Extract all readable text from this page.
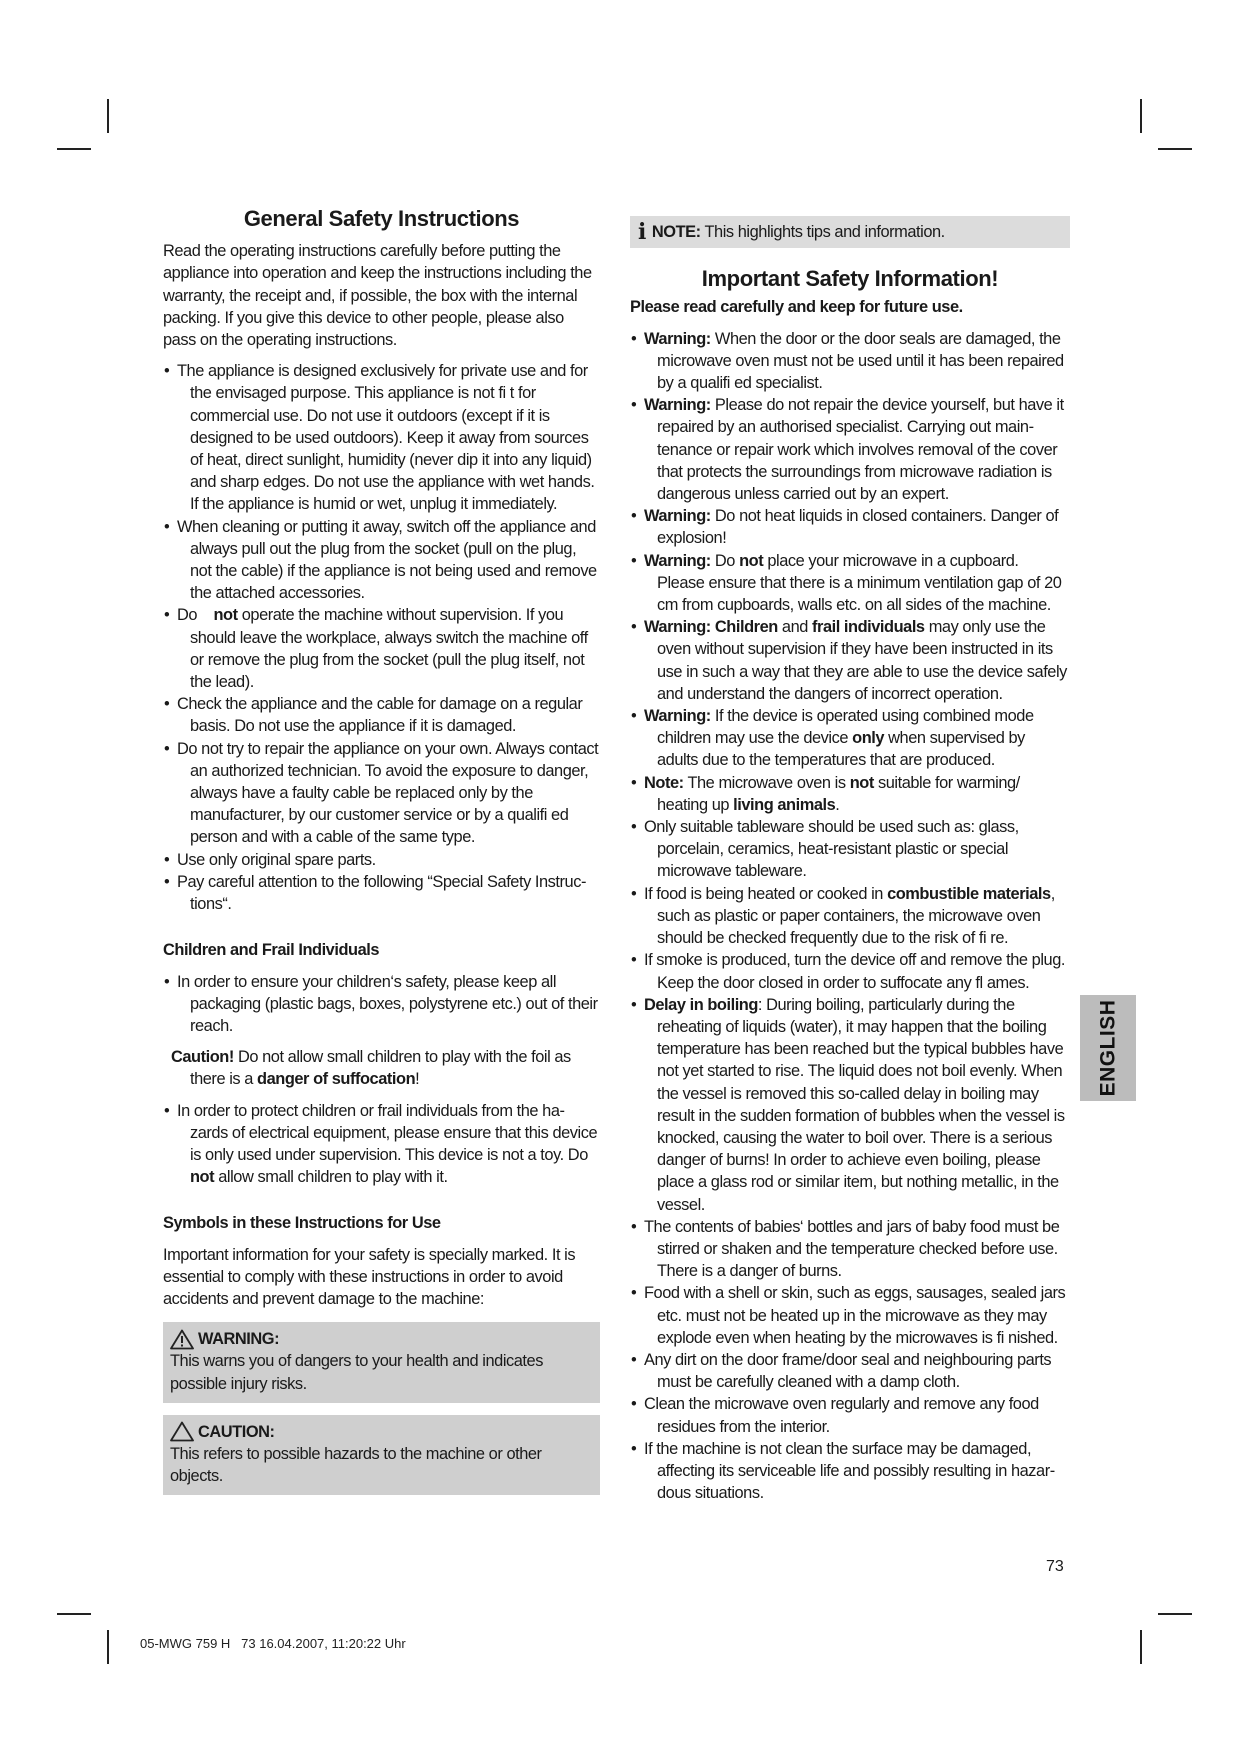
General Safety Instructions

Read the operating instructions carefully before putting the appliance into operation and keep the instructions including the warranty, the receipt and, if possible, the box with the internal packing. If you give this device to other people, please also pass on the operating instructions.

• The appliance is designed exclusively for private use and for the envisaged purpose. This appliance is not fi t for commercial use. Do not use it outdoors (except if it is designed to be used outdoors). Keep it away from sources of heat, direct sunlight, humidity (never dip it into any liquid) and sharp edges. Do not use the appliance with wet hands. If the appliance is humid or wet, unplug it immediately.
• When cleaning or putting it away, switch off the appliance and always pull out the plug from the socket (pull on the plug, not the cable) if the appliance is not being used and remove the attached accessories.
• Do not operate the machine without supervision. If you should leave the workplace, always switch the machine off or remove the plug from the socket (pull the plug itself, not the lead).
• Check the appliance and the cable for damage on a regular basis. Do not use the appliance if it is damaged.
• Do not try to repair the appliance on your own. Always contact an authorized technician. To avoid the exposure to danger, always have a faulty cable be replaced only by the manufacturer, by our customer service or by a qualifi ed person and with a cable of the same type.
• Use only original spare parts.
• Pay careful attention to the following “Special Safety Instruc- tions“.

Children and Frail Individuals

• In order to ensure your children‘s safety, please keep all packaging (plastic bags, boxes, polystyrene etc.) out of their reach.

Caution! Do not allow small children to play with the foil as there is a danger of suffocation!

• In order to protect children or frail individuals from the ha- zards of electrical equipment, please ensure that this device is only used under supervision. This device is not a toy. Do not allow small children to play with it.

Symbols in these Instructions for Use

Important information for your safety is specially marked. It is essential to comply with these instructions in order to avoid accidents and prevent damage to the machine:

WARNING:

This warns you of dangers to your health and indicates possible injury risks.

CAUTION:

This refers to possible hazards to the machine or other objects.

i NOTE: This highlights tips and information.
Important Safety Information!

Please read carefully and keep for future use.

• Warning: When the door or the door seals are damaged, the microwave oven must not be used until it has been repaired by a qualifi ed specialist.
• Warning: Please do not repair the device yourself, but have it repaired by an authorised specialist. Carrying out main- tenance or repair work which involves removal of the cover that protects the surroundings from microwave radiation is dangerous unless carried out by an expert.
• Warning: Do not heat liquids in closed containers. Danger of explosion!
• Warning: Do not place your microwave in a cupboard. Please ensure that there is a minimum ventilation gap of 20 cm from cupboards, walls etc. on all sides of the machine.
• Warning: Children and frail individuals may only use the oven without supervision if they have been instructed in its use in such a way that they are able to use the device safely and understand the dangers of incorrect operation.
• Warning: If the device is operated using combined mode children may use the device only when supervised by adults due to the temperatures that are produced.
• Note: The microwave oven is not suitable for warming/ heating up living animals.
• Only suitable tableware should be used such as: glass, porcelain, ceramics, heat-resistant plastic or special microwave tableware.
• If food is being heated or cooked in combustible materials, such as plastic or paper containers, the microwave oven should be checked frequently due to the risk of fi re.
• If smoke is produced, turn the device off and remove the plug. Keep the door closed in order to suffocate any fl ames.
• Delay in boiling: During boiling, particularly during the reheating of liquids (water), it may happen that the boiling temperature has been reached but the typical bubbles have not yet started to rise. The liquid does not boil evenly. When the vessel is removed this so-called delay in boiling may result in the sudden formation of bubbles when the vessel is knocked, causing the water to boil over. There is a serious danger of burns! In order to achieve even boiling, please place a glass rod or similar item, but nothing metallic, in the vessel.
• The contents of babies‘ bottles and jars of baby food must be stirred or shaken and the temperature checked before use. There is a danger of burns.
• Food with a shell or skin, such as eggs, sausages, sealed jars etc. must not be heated up in the microwave as they may explode even when heating by the microwaves is fi nished.
• Any dirt on the door frame/door seal and neighbouring parts must be carefully cleaned with a damp cloth.
• Clean the microwave oven regularly and remove any food residues from the interior.
• If the machine is not clean the surface may be damaged, affecting its serviceable life and possibly resulting in hazar- dous situations.
ENGLISH
73
05-MWG 759 H   73 16.04.2007, 11:20:22 Uhr
